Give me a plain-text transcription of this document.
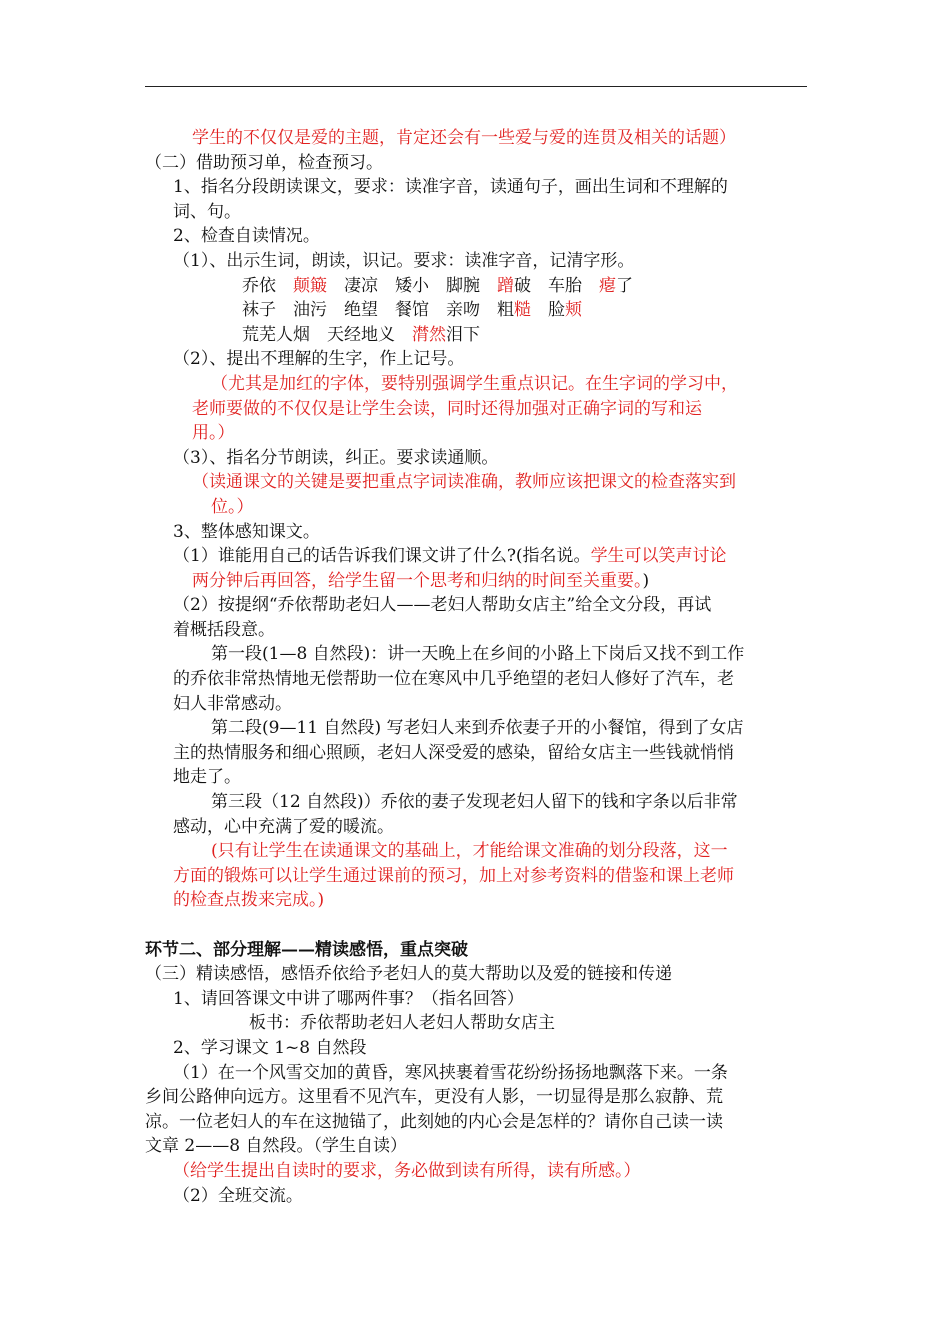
学生的不仅仅是爱的主题，肯定还会有一些爱与爱的连贯及相关的话题）
（二）借助预习单，检查预习。
1、指名分段朗读课文，要求：读准字音，读通句子，画出生词和不理解的
词、句。
2、检查自读情况。
（1）、出示生词，朗读，识记。要求：读准字音，记清字形。
乔依　 颠簸　 凄凉　 矮小　 脚腕　 蹭破　 车胎　 瘪了
袜子　 油污　 绝望　 餐馆　 亲吻　 粗糙　 脸颊
荒芜人烟　 天经地义　 潸然泪下
（2）、提出不理解的生字，作上记号。
（尤其是加红的字体，要特别强调学生重点识记。在生字词的学习中，
老师要做的不仅仅是让学生会读，同时还得加强对正确字词的写和运
用。）
（3）、指名分节朗读，纠正。要求读通顺。
（读通课文的关键是要把重点字词读准确，教师应该把课文的检查落实到
位。）
3、整体感知课文。
（1）谁能用自己的话告诉我们课文讲了什么?(指名说。学生可以笑声讨论
两分钟后再回答，给学生留一个思考和归纳的时间至关重要。)
（2）按提纲“乔依帮助老妇人——老妇人帮助女店主”给全文分段，再试
着概括段意。
第一段(1—8 自然段)：讲一天晚上在乡间的小路上下岗后又找不到工作
的乔依非常热情地无偿帮助一位在寒风中几乎绝望的老妇人修好了汽车，老
妇人非常感动。
第二段(9—11 自然段) 写老妇人来到乔依妻子开的小餐馆，得到了女店
主的热情服务和细心照顾，老妇人深受爱的感染，留给女店主一些钱就悄悄
地走了。
第三段（12 自然段)）乔依的妻子发现老妇人留下的钱和字条以后非常
感动，心中充满了爱的暖流。
(只有让学生在读通课文的基础上，才能给课文准确的划分段落，这一
方面的锻炼可以让学生通过课前的预习，加上对参考资料的借鉴和课上老师
的检查点拨来完成。)
环节二、部分理解——精读感悟，重点突破
（三）精读感悟，感悟乔依给予老妇人的莫大帮助以及爱的链接和传递
1、请回答课文中讲了哪两件事？（指名回答）
板书：乔依帮助老妇人老妇人帮助女店主
2、学习课文 1~8 自然段
（1）在一个风雪交加的黄昏，寒风挟裹着雪花纷纷扬扬地飘落下来。一条
乡间公路伸向远方。这里看不见汽车，更没有人影，一切显得是那么寂静、荒
凉。一位老妇人的车在这抛锚了，此刻她的内心会是怎样的？请你自己读一读
文章 2——8 自然段。（学生自读）
（给学生提出自读时的要求，务必做到读有所得，读有所感。）
（2）全班交流。
